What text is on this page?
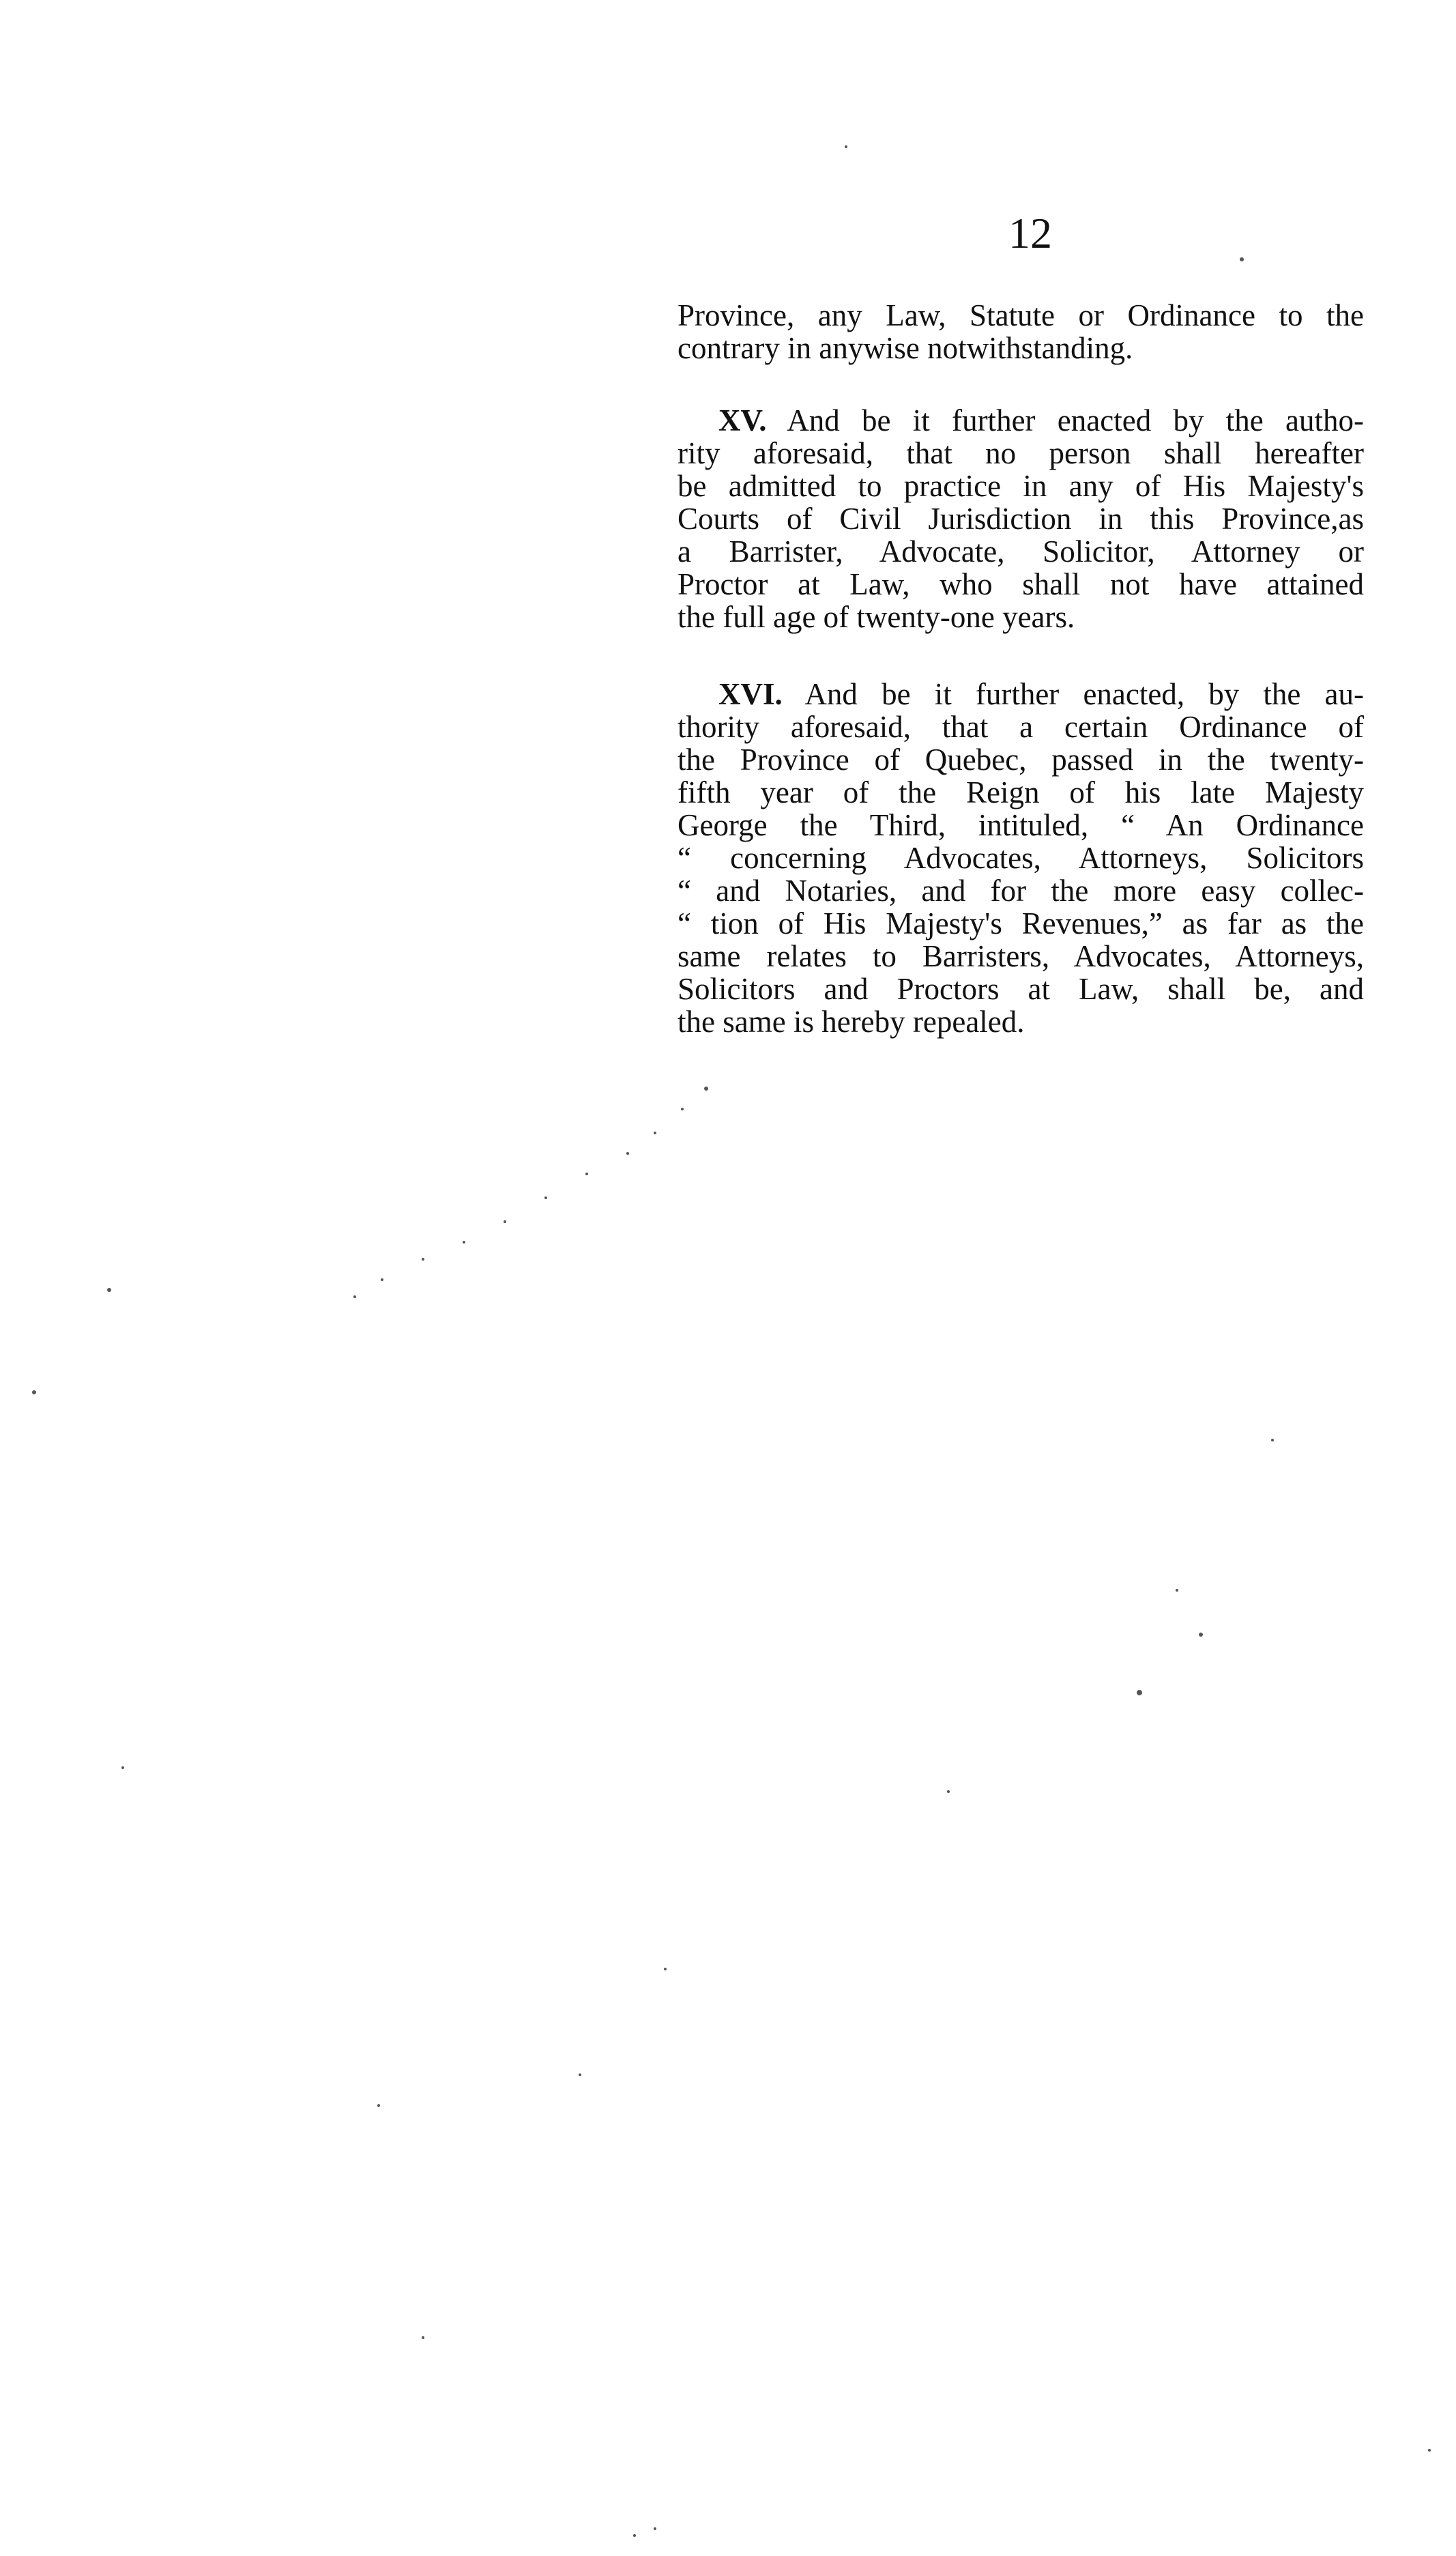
12
Province, any Law, Statute or Ordinance to the
contrary in anywise notwithstanding.
XV. And be it further enacted by the autho-
rity aforesaid, that no person shall hereafter
be admitted to practice in any of His Majesty's
Courts of Civil Jurisdiction in this Province,as
a Barrister, Advocate, Solicitor, Attorney or
Proctor at Law, who shall not have attained
the full age of twenty-one years.
XVI. And be it further enacted, by the au-
thority aforesaid, that a certain Ordinance of
the Province of Quebec, passed in the twenty-
fifth year of the Reign of his late Majesty
George the Third, intituled, “ An Ordinance
“ concerning Advocates, Attorneys, Solicitors
“ and Notaries, and for the more easy collec-
“ tion of His Majesty's Revenues,” as far as the
same relates to Barristers, Advocates, Attorneys,
Solicitors and Proctors at Law, shall be, and
the same is hereby repealed.
